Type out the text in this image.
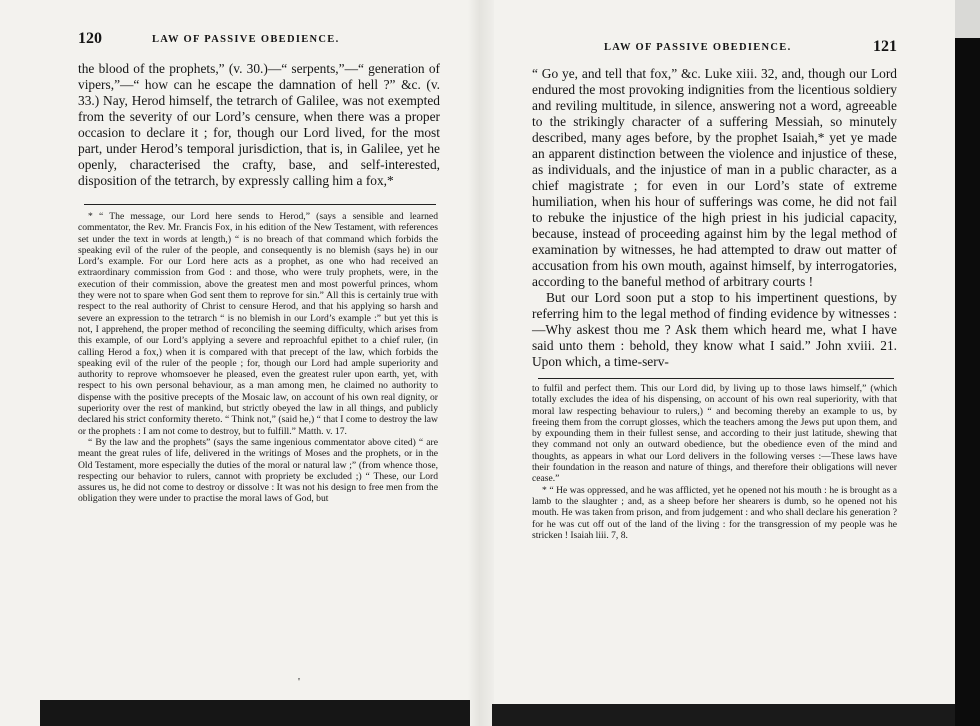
120	LAW OF PASSIVE OBEDIENCE.

the blood of the prophets,” (v. 30.)—“ serpents,”—“ generation of vipers,”—“ how can he escape the damnation of hell ?” &c. (v. 33.) Nay, Herod himself, the tetrarch of Galilee, was not exempted from the severity of our Lord’s censure, when there was a proper occasion to declare it ; for, though our Lord lived, for the most part, under Herod’s temporal jurisdiction, that is, in Galilee, yet he openly, characterised the crafty, base, and self-interested, disposition of the tetrarch, by expressly calling him a fox,*

* “ The message, our Lord here sends to Herod,” (says a sensible and learned commentator, the Rev. Mr. Francis Fox, in his edition of the New Testament, with references set under the text in words at length,) “ is no breach of that command which forbids the speaking evil of the ruler of the people, and consequently is no blemish (says he) in our Lord’s example. For our Lord here acts as a prophet, as one who had received an extraordinary commission from God : and those, who were truly prophets, were, in the execution of their commission, above the greatest men and most powerful princes, whom they were not to spare when God sent them to reprove for sin.” All this is certainly true with respect to the real authority of Christ to censure Herod, and that his applying so harsh and severe an expression to the tetrarch “ is no blemish in our Lord’s example :” but yet this is not, I apprehend, the proper method of reconciling the seeming difficulty, which arises from this example, of our Lord’s applying a severe and reproachful epithet to a chief ruler, (in calling Herod a fox,) when it is compared with that precept of the law, which forbids the speaking evil of the ruler of the people ; for, though our Lord had ample superiority and authority to reprove whomsoever he pleased, even the greatest ruler upon earth, yet, with respect to his own personal behaviour, as a man among men, he claimed no authority to dispense with the positive precepts of the Mosaic law, on account of his own real dignity, or superiority over the rest of mankind, but strictly obeyed the law in all things, and publicly declared his strict conformity thereto. “ Think not,” (said he,) “ that I come to destroy the law or the prophets : I am not come to destroy, but to fulfill.” Matth. v. 17.

“ By the law and the prophets” (says the same ingenious commentator above cited) “ are meant the great rules of life, delivered in the writings of Moses and the prophets, or in the Old Testament, more especially the duties of the moral or natural law ;” (from whence those, respecting our behavior to rulers, cannot with propriety be excluded ;) “ These, our Lord assures us, he did not come to destroy or dissolve : It was not his design to free men from the obligation they were under to practise the moral laws of God, but

'
LAW OF PASSIVE OBEDIENCE.	121

“ Go ye, and tell that fox,” &c. Luke xiii. 32, and, though our Lord endured the most provoking indignities from the licentious soldiery and reviling multitude, in silence, answering not a word, agreeable to the strikingly character of a suffering Messiah, so minutely described, many ages before, by the prophet Isaiah,* yet ye made an apparent distinction between the violence and injustice of these, as individuals, and the injustice of man in a public character, as a chief magistrate ; for even in our Lord’s state of extreme humiliation, when his hour of sufferings was come, he did not fail to rebuke the injustice of the high priest in his judicial capacity, because, instead of proceeding against him by the legal method of examination by witnesses, he had attempted to draw out matter of accusation from his own mouth, against himself, by interrogatories, according to the baneful method of arbitrary courts !

But our Lord soon put a stop to his impertinent questions, by referring him to the legal method of finding evidence by witnesses :—Why askest thou me ? Ask them which heard me, what I have said unto them : behold, they know what I said.” John xviii. 21. Upon which, a time-serv-

to fulfil and perfect them. This our Lord did, by living up to those laws himself,” (which totally excludes the idea of his dispensing, on account of his own real superiority, with that moral law respecting behaviour to rulers,) “ and becoming thereby an example to us, by freeing them from the corrupt glosses, which the teachers among the Jews put upon them, and by expounding them in their fullest sense, and according to their just latitude, shewing that they command not only an outward obedience, but the obedience even of the mind and thoughts, as appears in what our Lord delivers in the following verses :—These laws have their foundation in the reason and nature of things, and therefore their obligations will never cease.”

* “ He was oppressed, and he was afflicted, yet he opened not his mouth : he is brought as a lamb to the slaughter ; and, as a sheep before her shearers is dumb, so he opened not his mouth. He was taken from prison, and from judgement : and who shall declare his generation ? for he was cut off out of the land of the living : for the transgression of my people was he stricken ! Isaiah liii. 7, 8.
